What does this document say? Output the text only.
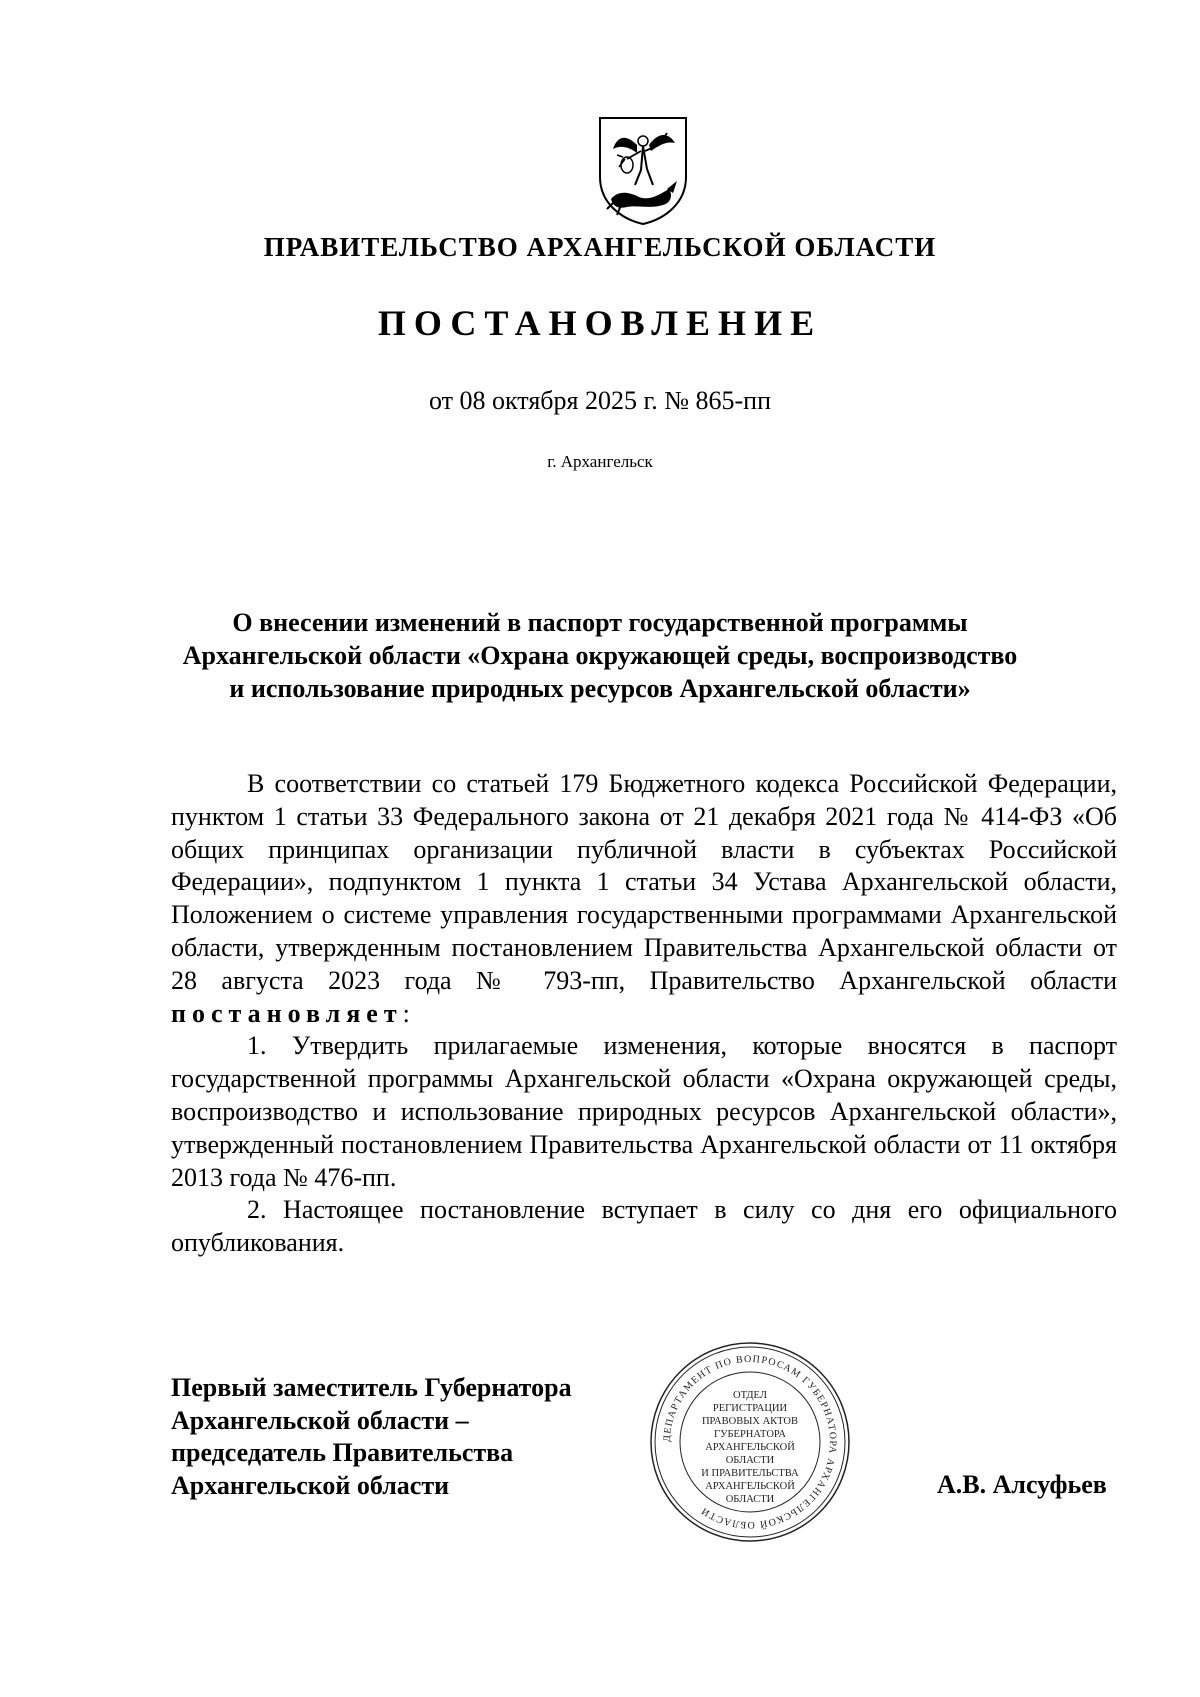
ПРАВИТЕЛЬСТВО АРХАНГЕЛЬСКОЙ ОБЛАСТИ
ПОСТАНОВЛЕНИЕ
от 08 октября 2025 г. № 865-пп
г. Архангельск
О внесении изменений в паспорт государственной программы
Архангельской области «Охрана окружающей среды, воспроизводство
и использование природных ресурсов Архангельской области»

В соответствии со статьей 179 Бюджетного кодекса Российской Федерации, пунктом 1 статьи 33 Федерального закона от 21 декабря 2021 года № 414-ФЗ «Об общих принципах организации публичной власти в субъектах Российской Федерации», подпунктом 1 пункта 1 статьи 34 Устава Архангельской области, Положением о системе управления государственными программами Архангельской области, утвержденным постановлением Правительства Архангельской области от 28 августа 2023 года № 793-пп, Правительство Архангельской области постановляет:

1. Утвердить прилагаемые изменения, которые вносятся в паспорт государственной программы Архангельской области «Охрана окружающей среды, воспроизводство и использование природных ресурсов Архангельской области», утвержденный постановлением Правительства Архангельской области от 11 октября 2013 года № 476-пп.

2. Настоящее постановление вступает в силу со дня его официального опубликования.

Первый заместитель Губернатора
Архангельской области –
председатель Правительства
Архангельской области
ДЕПАРТАМЕНТ ПО ВОПРОСАМ ГУБЕРНАТОРА АРХАНГЕЛЬСКОЙ ОБЛАСТИ
ОТДЕЛ
РЕГИСТРАЦИИ
ПРАВОВЫХ АКТОВ
ГУБЕРНАТОРА
АРХАНГЕЛЬСКОЙ
ОБЛАСТИ
И ПРАВИТЕЛЬСТВА
АРХАНГЕЛЬСКОЙ
ОБЛАСТИ
А.В. Алсуфьев
